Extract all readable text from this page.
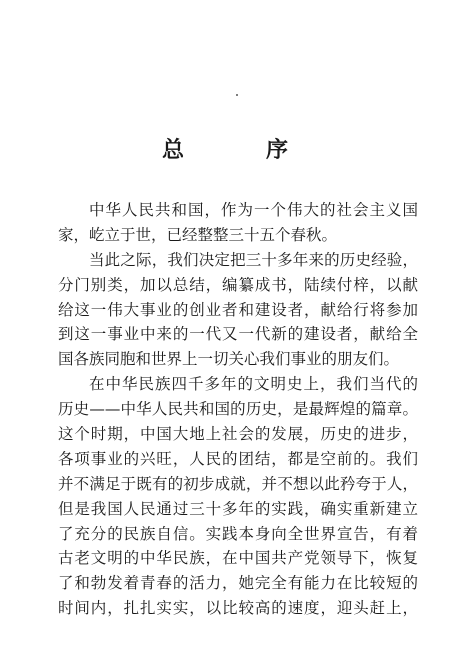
总　序
中华人民共和国，作为一个伟大的社会主义国
家，屹立于世，已经整整三十五个春秋。
当此之际，我们决定把三十多年来的历史经验，
分门别类，加以总结，编纂成书，陆续付梓，以献
给这一伟大事业的创业者和建设者，献给行将参加
到这一事业中来的一代又一代新的建设者，献给全
国各族同胞和世界上一切关心我们事业的朋友们。
在中华民族四千多年的文明史上，我们当代的
历史——中华人民共和国的历史，是最辉煌的篇章。
这个时期，中国大地上社会的发展，历史的进步，
各项事业的兴旺，人民的团结，都是空前的。我们
并不满足于既有的初步成就，并不想以此矜夸于人，
但是我国人民通过三十多年的实践，确实重新建立
了充分的民族自信。实践本身向全世界宣告，有着
古老文明的中华民族，在中国共产党领导下，恢复
了和勃发着青春的活力，她完全有能力在比较短的
时间内，扎扎实实，以比较高的速度，迎头赶上，
